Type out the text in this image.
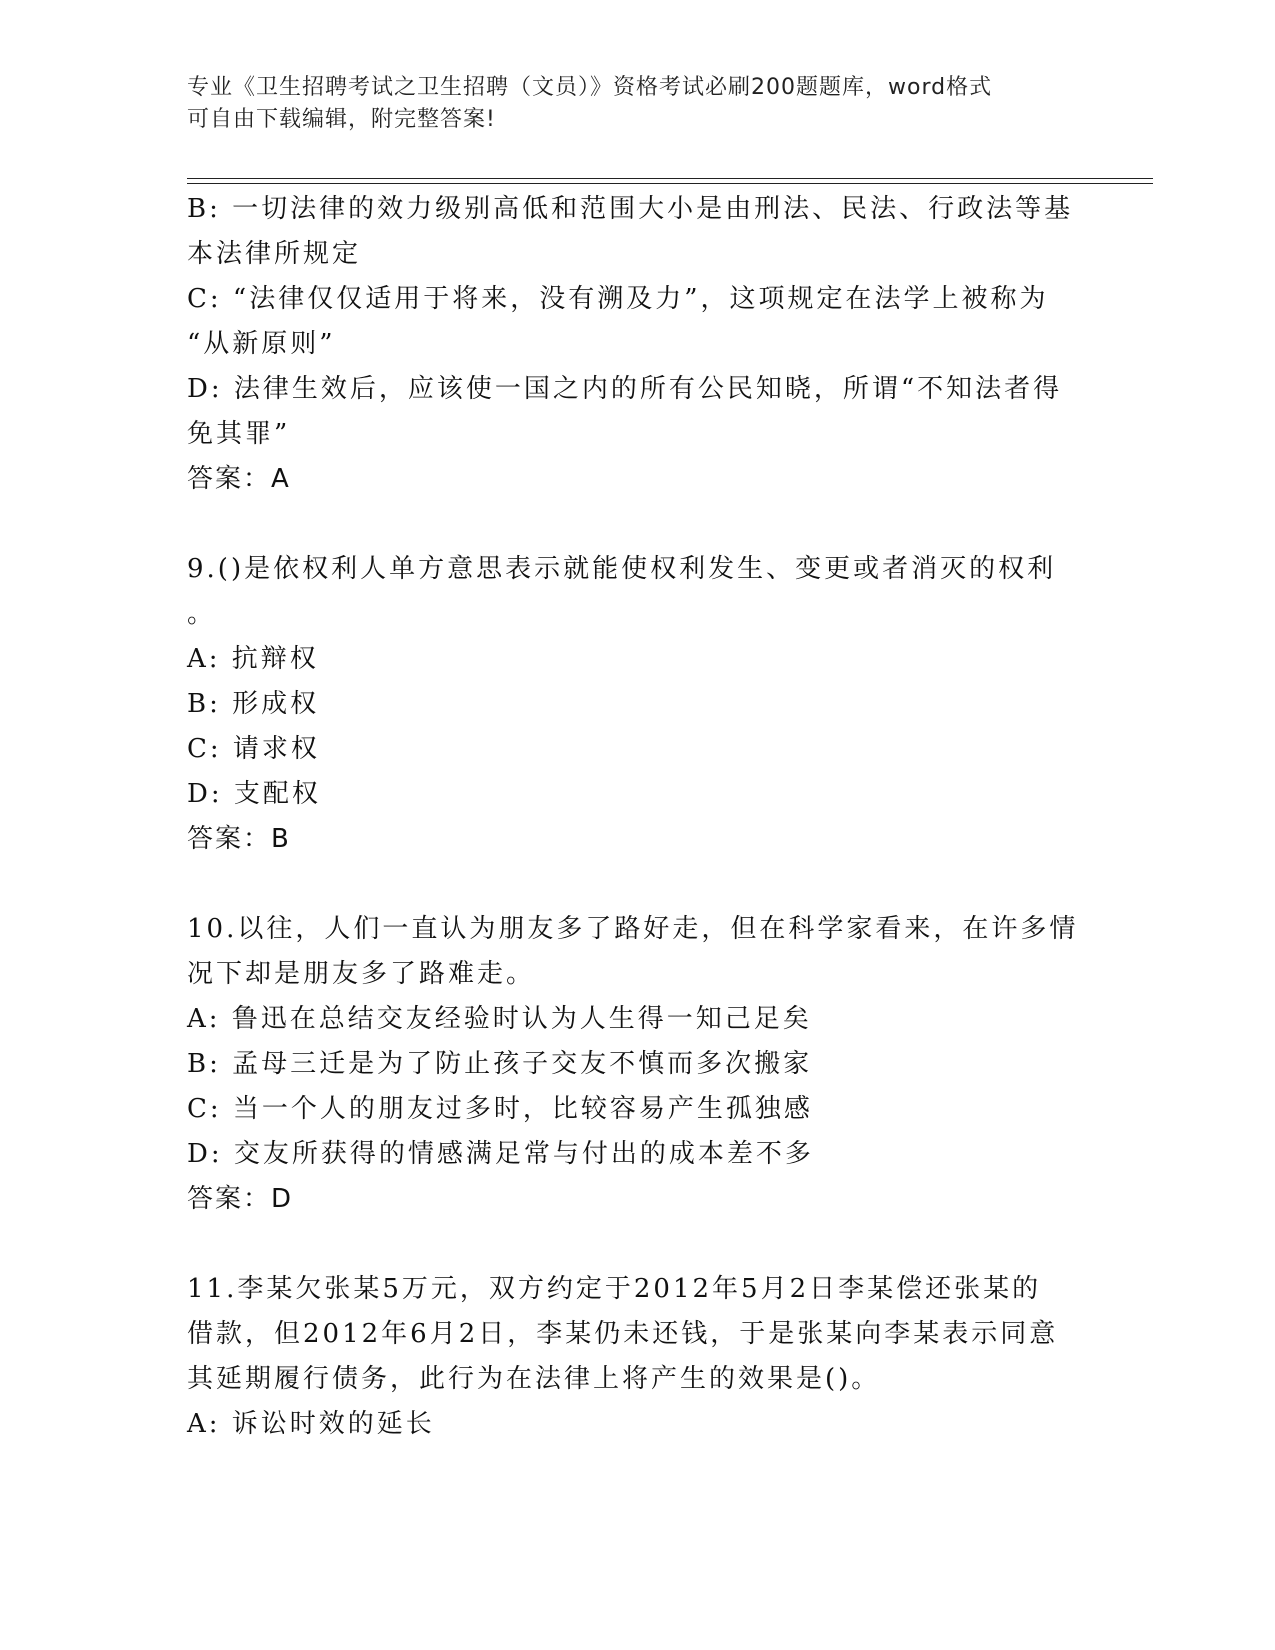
专业《卫生招聘考试之卫生招聘（文员）》资格考试必刷200题题库，word格式
可自由下载编辑，附完整答案!
B: 一切法律的效力级别高低和范围大小是由刑法、民法、行政法等基
本法律所规定
C: “法律仅仅适用于将来，没有溯及力”，这项规定在法学上被称为
“从新原则”
D: 法律生效后，应该使一国之内的所有公民知晓，所谓“不知法者得
免其罪”
答案：A
9.()是依权利人单方意思表示就能使权利发生、变更或者消灭的权利
。
A: 抗辩权
B: 形成权
C: 请求权
D: 支配权
答案：B
10.以往，人们一直认为朋友多了路好走，但在科学家看来，在许多情
况下却是朋友多了路难走。
A: 鲁迅在总结交友经验时认为人生得一知己足矣
B: 孟母三迁是为了防止孩子交友不慎而多次搬家
C: 当一个人的朋友过多时，比较容易产生孤独感
D: 交友所获得的情感满足常与付出的成本差不多
答案：D
11.李某欠张某5万元，双方约定于2012年5月2日李某偿还张某的
借款，但2012年6月2日，李某仍未还钱，于是张某向李某表示同意
其延期履行债务，此行为在法律上将产生的效果是()。
A: 诉讼时效的延长
